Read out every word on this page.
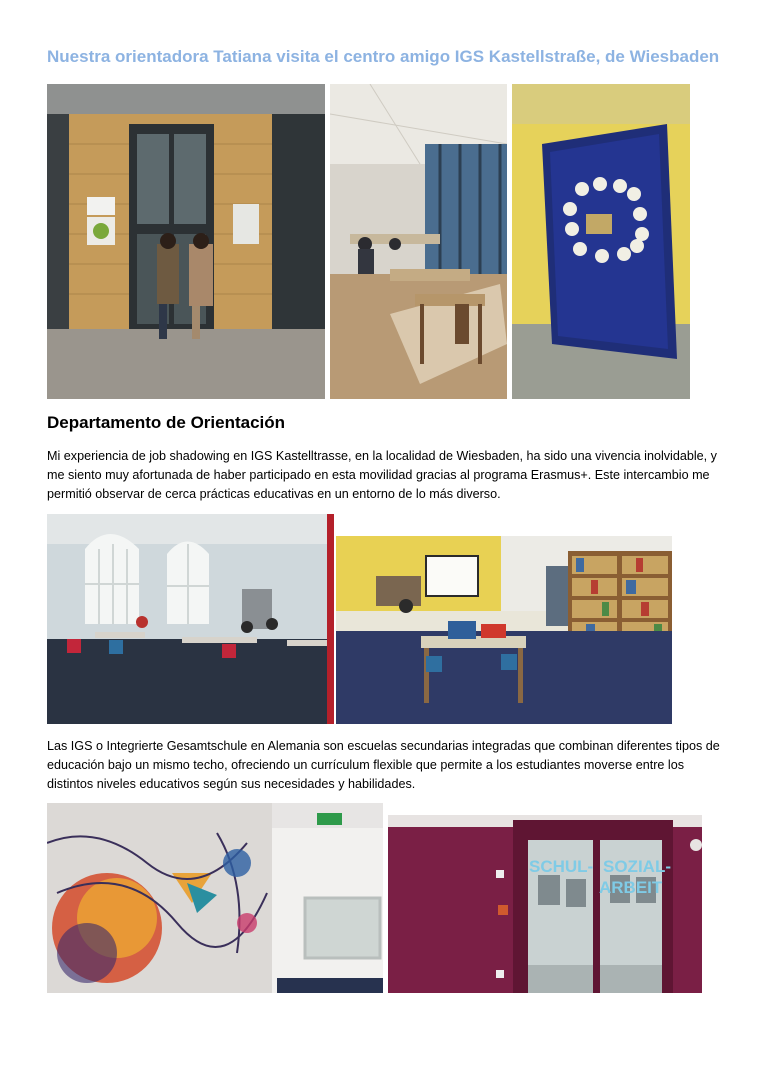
Nuestra orientadora Tatiana visita el centro amigo IGS Kastellstraße, de Wiesbaden
Departamento de Orientación
Mi experiencia de job shadowing en IGS Kastelltrasse, en la localidad de Wiesbaden, ha sido una vivencia inolvidable, y me siento muy afortunada de haber participado en esta movilidad gracias al programa Erasmus+. Este intercambio me permitió observar de cerca prácticas educativas en un entorno de lo más diverso.
Las IGS o Integrierte Gesamtschule en Alemania son escuelas secundarias integradas que combinan diferentes tipos de educación bajo un mismo techo, ofreciendo un currículum flexible que permite a los estudiantes moverse entre los distintos niveles educativos según sus necesidades y habilidades.
SCHUL- SOZIAL-
ARBEIT
